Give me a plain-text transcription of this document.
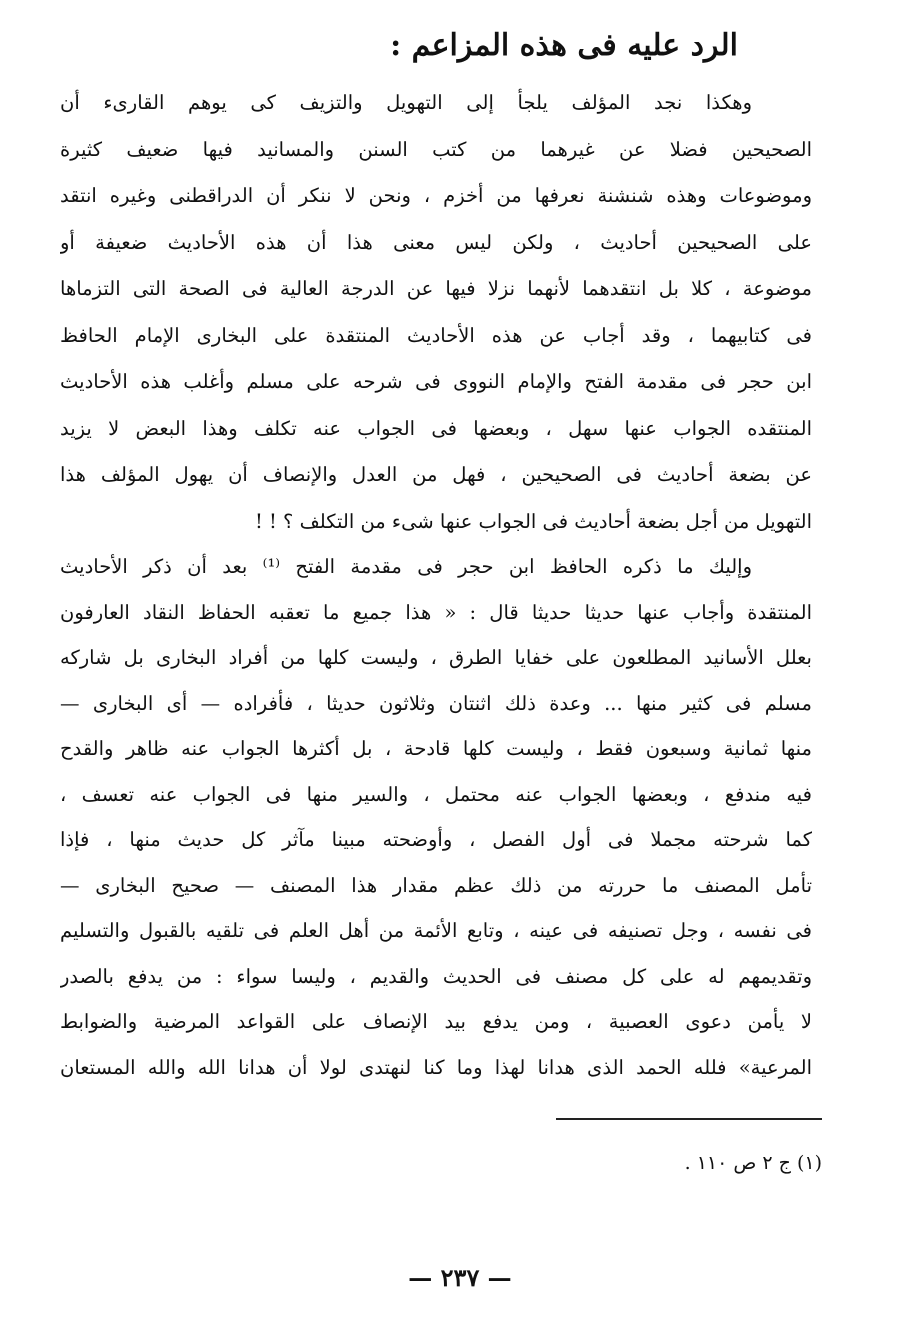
الرد عليه فى هذه المزاعم :
وهكذا نجد المؤلف يلجأ إلى التهويل والتزيف كى يوهم القارىء أن
الصحيحين فضلا عن غيرهما من كتب السنن والمسانيد فيها ضعيف كثيرة
وموضوعات وهذه شنشنة نعرفها من أخزم ، ونحن لا ننكر أن الدراقطنى وغيره انتقد
على الصحيحين أحاديث ، ولكن ليس معنى هذا أن هذه الأحاديث ضعيفة أو
موضوعة ، كلا بل انتقدهما لأنهما نزلا فيها عن الدرجة العالية فى الصحة التى التزماها
فى كتابيهما ، وقد أجاب عن هذه الأحاديث المنتقدة على البخارى الإمام الحافظ
ابن حجر فى مقدمة الفتح والإمام النووى فى شرحه على مسلم وأغلب هذه الأحاديث
المنتقده الجواب عنها سهل ، وبعضها فى الجواب عنه تكلف وهذا البعض لا يزيد
عن بضعة أحاديث فى الصحيحين ، فهل من العدل والإنصاف أن يهول المؤلف هذا
التهويل من أجل بضعة أحاديث فى الجواب عنها شىء من التكلف ؟ ! !
وإليك ما ذكره الحافظ ابن حجر فى مقدمة الفتح ⁽¹⁾ بعد أن ذكر الأحاديث
المنتقدة وأجاب عنها حديثا حديثا قال : « هذا جميع ما تعقبه الحفاظ النقاد العارفون
بعلل الأسانيد المطلعون على خفايا الطرق ، وليست كلها من أفراد البخارى بل شاركه
مسلم فى كثير منها ... وعدة ذلك اثنتان وثلاثون حديثا ، فأفراده — أى البخارى —
منها ثمانية وسبعون فقط ، وليست كلها قادحة ، بل أكثرها الجواب عنه ظاهر والقدح
فيه مندفع ، وبعضها الجواب عنه محتمل ، والسير منها فى الجواب عنه تعسف ،
كما شرحته مجملا فى أول الفصل ، وأوضحته مبينا مآثر كل حديث منها ، فإذا
تأمل المصنف ما حررته من ذلك عظم مقدار هذا المصنف — صحيح البخارى —
فى نفسه ، وجل تصنيفه فى عينه ، وتابع الأئمة من أهل العلم فى تلقيه بالقبول والتسليم
وتقديمهم له على كل مصنف فى الحديث والقديم ، وليسا سواء : من يدفع بالصدر
لا يأمن دعوى العصبية ، ومن يدفع بيد الإنصاف على القواعد المرضية والضوابط
المرعية» فلله الحمد الذى هدانا لهذا وما كنا لنهتدى لولا أن هدانا الله والله المستعان
(١) ج ٢ ص ١١٠ .
— ٢٣٧ —
